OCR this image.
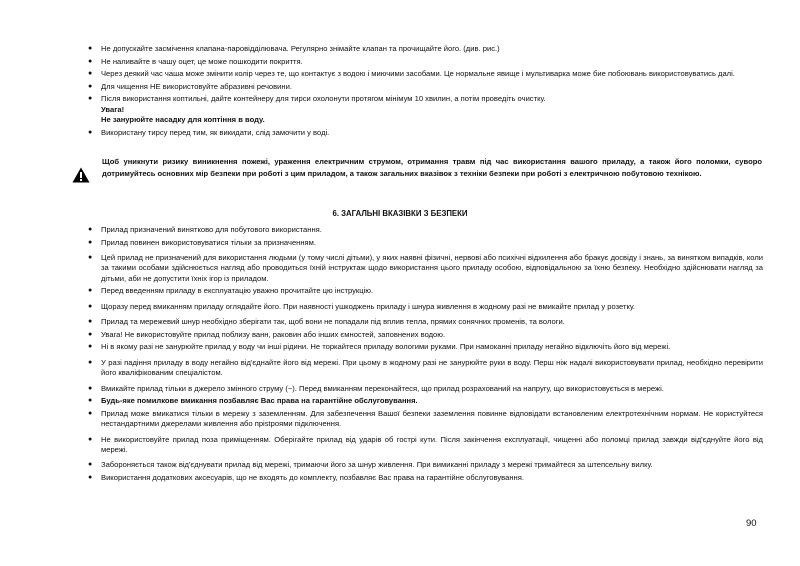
● Не допускайте засмічення клапана-паровідділювача. Регулярно знімайте клапан та прочищайте його. (див. рис.)
● Не наливайте в чашу оцет, це може пошкодити покриття.
● Через деякий час чаша може змінити колір через те, що контактує з водою і миючими засобами. Це нормальне явище і мультиварка може бие побоювань використовуватись далі.
● Для чищення НЕ використовуйте абразивні речовини.
● Після використання коптильні, дайте контейнеру для тирси охолонути протягом мінімум 10 хвилин, а потім проведіть очистку.
Увага!
Не занурюйте насадку для коптіння в воду.
● Використану тирсу перед тим, як викидати, слід замочити у воді.
Щоб уникнути ризику виникнення пожежі, ураження електричним струмом, отримання травм під час використання вашого приладу, а також його поломки, суворо дотримуйтесь основних мір безпеки при роботі з цим приладом, а також загальних вказівок з техніки безпеки при роботі з електричною побутовою технікою.
6. ЗАГАЛЬНІ ВКАЗІВКИ З БЕЗПЕКИ
● Прилад призначений винятково для побутового використання.
● Прилад повинен використовуватися тільки за призначенням.
● Цей прилад не призначений для використання людьми (у тому числі дітьми), у яких наявні фізичні, нервові або психічні відхилення або бракує досвіду і знань, за винятком випадків, коли за такими особами здійснюється нагляд або проводиться їхній інструктаж щодо використання цього приладу особою, відповідальною за їхню безпеку. Необхідно здійснювати нагляд за дітьми, аби не допустити їхніх ігор із приладом.
● Перед введенням приладу в експлуатацію уважно прочитайте цю інструкцію.
● Щоразу перед вмиканням приладу оглядайте його. При наявності ушкоджень приладу і шнура живлення в жодному разі не вмикайте прилад у розетку.
● Прилад та мережевий шнур необхідно зберігати так, щоб вони не попадали під вплив тепла, прямих сонячних променів, та вологи.
● Увага! Не використовуйте прилад поблизу ванн, раковин або інших ємностей, заповнених водою.
● Ні в якому разі не занурюйте прилад у воду чи інші рідини. Не торкайтеся приладу вологими руками. При намоканні приладу негайно відключіть його від мережі.
● У разі падіння приладу в воду негайно від'єднайте його від мережі. При цьому в жодному разі не занурюйте руки в воду. Перш ніж надалі використовувати прилад, необхідно перевірити його кваліфікованим спеціалістом.
● Вмикайте прилад тільки в джерело змінного струму (~). Перед вмиканням переконайтеся, що прилад розрахований на напругу, що використовується в мережі.
● Будь-яке помилкове вмикання позбавляє Вас права на гарантійне обслуговування.
● Прилад може вмикатися тільки в мережу з заземленням. Для забезпечення Вашої безпеки заземлення повинне відповідати встановленим електротехнічним нормам. Не користуйтеся нестандартними джерелами живлення або прistроями підключення.
● Не використовуйте прилад поза приміщенням. Оберігайте прилад від ударів об гострі кути. Після закінчення експлуатації, чищенні або поломці прилад завжди від'єднуйте його від мережі.
● Забороняється також від'єднувати прилад від мережі, тримаючи його за шнур живлення. При вимиканні приладу з мережі тримайтеся за штепсельну вилку.
● Використання додаткових аксесуарів, що не входять до комплекту, позбавляє Вас права на гарантійне обслуговування.
90
